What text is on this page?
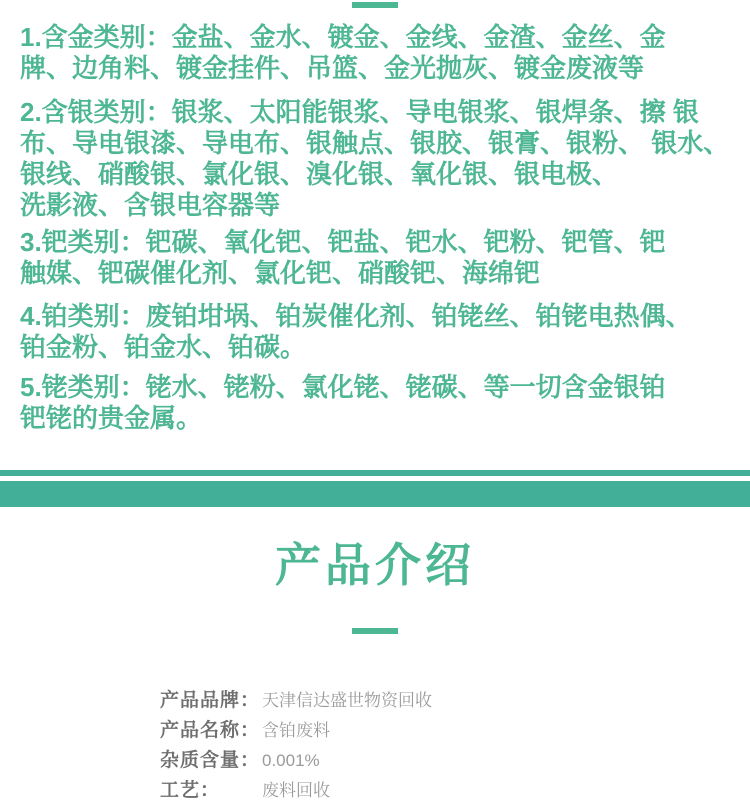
1.含金类别：金盐、金水、镀金、金线、金渣、金丝、金 牌、边角料、镀金挂件、吊篮、金光抛灰、镀金废液等

2.含银类别：银浆、太阳能银浆、导电银浆、银焊条、擦 银布、导电银漆、导电布、银触点、银胶、银膏、银粉、 银水、银线、硝酸银、氯化银、溴化银、氧化银、银电极、 洗影液、含银电容器等

3.钯类别：钯碳、氧化钯、钯盐、钯水、钯粉、钯管、钯 触媒、钯碳催化剂、氯化钯、硝酸钯、海绵钯

4.铂类别：废铂坩埚、铂炭催化剂、铂铑丝、铂铑电热偶、 铂金粉、铂金水、铂碳。

5.铑类别：铑水、铑粉、氯化铑、铑碳、等一切含金银铂 钯铑的贵金属。

产品介绍
产品品牌： 天津信达盛世物资回收
产品名称： 含铂废料
杂质含量： 0.001%
工艺：	废料回收
